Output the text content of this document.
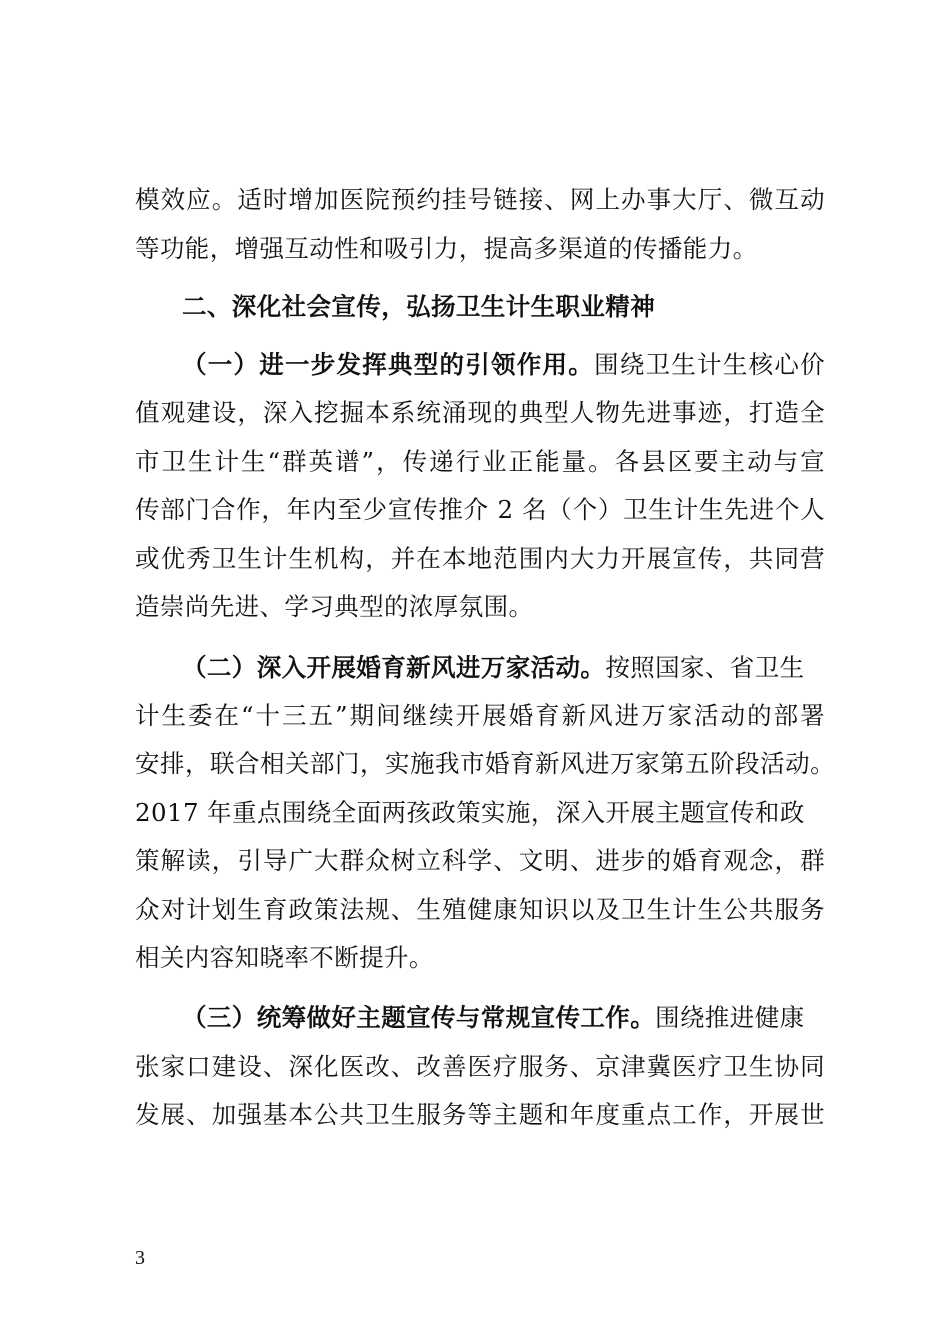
模效应。适时增加医院预约挂号链接、网上办事大厅、微互动
等功能，增强互动性和吸引力，提高多渠道的传播能力。
二、深化社会宣传，弘扬卫生计生职业精神
（一）进一步发挥典型的引领作用。围绕卫生计生核心价
值观建设，深入挖掘本系统涌现的典型人物先进事迹，打造全
市卫生计生“群英谱”，传递行业正能量。各县区要主动与宣
传部门合作，年内至少宣传推介 2 名（个）卫生计生先进个人
或优秀卫生计生机构，并在本地范围内大力开展宣传，共同营
造崇尚先进、学习典型的浓厚氛围。
（二）深入开展婚育新风进万家活动。按照国家、省卫生
计生委在“十三五”期间继续开展婚育新风进万家活动的部署
安排，联合相关部门，实施我市婚育新风进万家第五阶段活动。
2017 年重点围绕全面两孩政策实施，深入开展主题宣传和政
策解读，引导广大群众树立科学、文明、进步的婚育观念，群
众对计划生育政策法规、生殖健康知识以及卫生计生公共服务
相关内容知晓率不断提升。
（三）统筹做好主题宣传与常规宣传工作。围绕推进健康
张家口建设、深化医改、改善医疗服务、京津冀医疗卫生协同
发展、加强基本公共卫生服务等主题和年度重点工作，开展世
3
